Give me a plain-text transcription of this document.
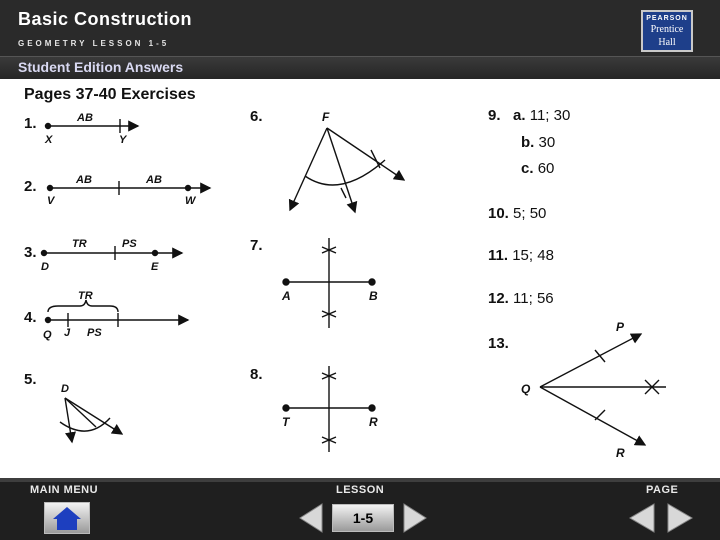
Basic Construction
GEOMETRY LESSON 1-5
Student Edition Answers
PEARSON
Prentice
Hall
Pages 37-40 Exercises
1.
2.
3.
4.
5.
6.
7.
8.
9. a. 11; 30
b. 30
c. 60
10. 5; 50
11. 15; 48
12. 11; 56
13.
AB
X	Y
AB	AB
V	W
TR	PS
D	E
TR
Q J PS
D
F
A	B
T	R
P
Q
R
MAIN MENU	LESSON	PAGE
1-5
